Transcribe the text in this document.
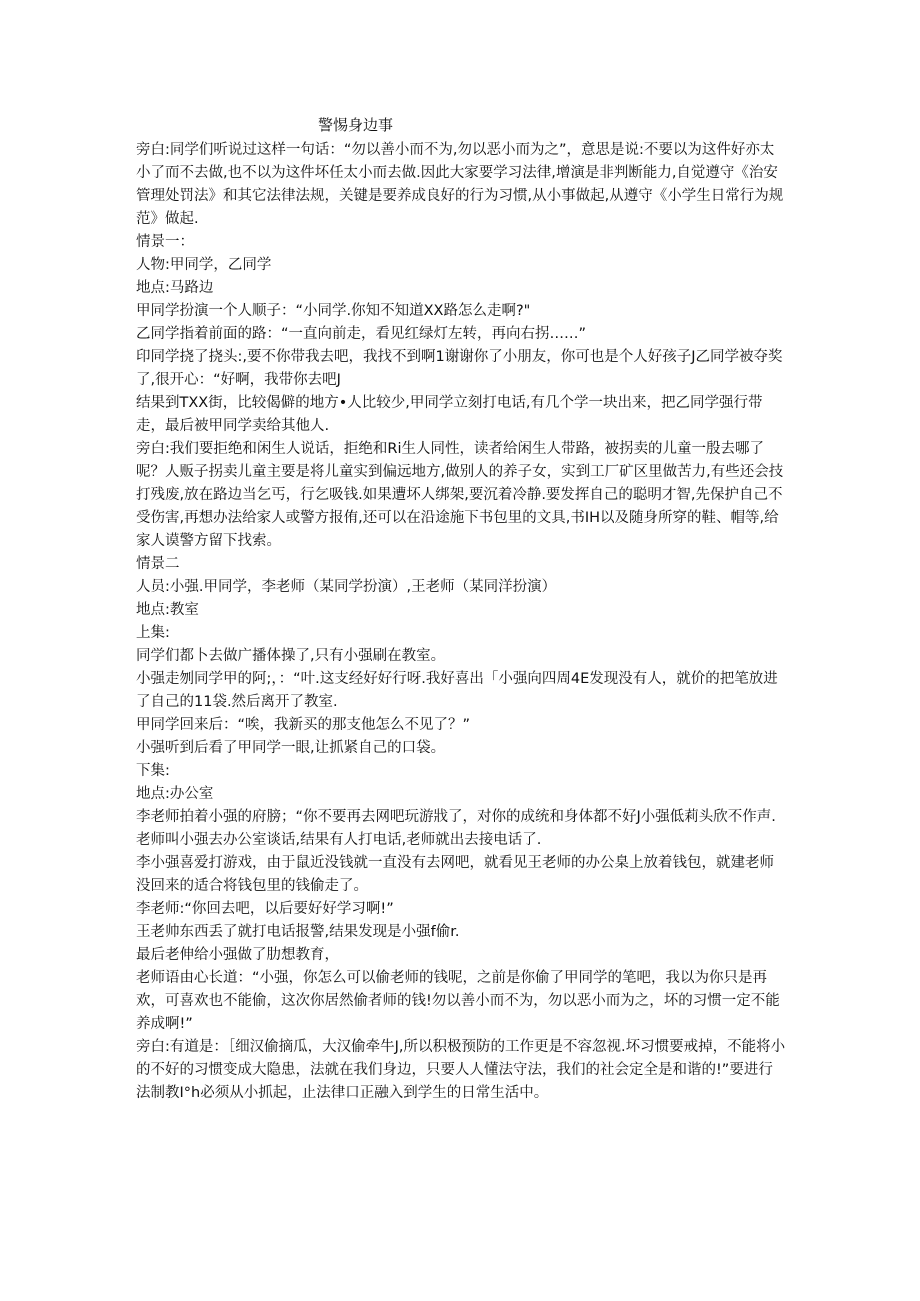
警惕身边事

旁白:同学们听说过这样一句话：“勿以善小而不为,勿以恶小而为之”，意思是说:不要以为这件好亦太小了而不去做,也不以为这件坏任太小而去做.因此大家要学习法律,增演是非判断能力,自觉遵守《治安管理处罚法》和其它法律法规，关键是要养成良好的行为习惯,从小事做起,从遵守《小学生日常行为规范》做起.

情景一：

人物:甲同学，乙同学

地点:马路边

甲同学扮演一个人顺子：“小同学.你知不知道XX路怎么走啊?"

乙同学指着前面的路：“一直向前走，看见红绿灯左转，再向右拐……”

印同学挠了挠头:,要不你带我去吧，我找不到啊1谢谢你了小朋友，你可也是个人好孩子J乙同学被夺奖了,很开心：“好啊，我带你去吧J

结果到TXX街，比较偈僻的地方•人比较少,甲同学立刻打电话,有几个学一块出来，把乙同学强行带走，最后被甲同学卖给其他人.

旁白:我们要拒绝和闲生人说话，拒绝和Ri生人同性，读者给闲生人带路，被拐卖的儿童一殷去哪了呢？人贩子拐卖儿童主要是将儿童实到偏远地方,做别人的养子女，实到工厂矿区里做苦力,有些还会技打残废,放在路边当乞丐，行乞吸钱.如果遭坏人绑架,要沉着冷静.要发挥自己的聪明才智,先保护自己不受伤害,再想办法给家人或警方报侑,还可以在沿途施下书包里的文具,书IH以及随身所穿的鞋、帽等,给家人谟警方留下找索。

情景二

人员:小强.甲同学，李老师（某同学扮演）,王老师（某同洋扮演）

地点:教室

上集:

同学们都卜去做广播体操了,只有小强刷在教室。

小强走刎同学甲的阿;，：“叶.这支经好好行呀.我好喜出「小强向四周4E发现没有人，就价的把笔放进了自己的11袋.然后离开了教室.

甲同学回来后：“唉，我新买的那支他怎么不见了？”

小强听到后看了甲同学一眼,让抓紧自己的口袋。

下集:

地点:办公室

李老师拍着小强的府膀；“你不要再去网吧玩游戕了，对你的成统和身体都不好J小强低莉头欣不作声.

老师叫小强去办公室谈话,结果有人打电话,老师就出去接电话了.

李小强喜爱打游戏，由于鼠近没钱就一直没有去网吧，就看见王老师的办公臬上放着钱包，就建老师没回来的适合将钱包里的钱偷走了。

李老师:“你回去吧，以后要好好学习啊!”

王老帅东西丢了就打电话报警,结果发现是小强f偷r.

最后老伸给小强做了肋想教育，

老师语由心长道：“小强，你怎么可以偷老师的钱呢，之前是你偷了甲同学的笔吧，我以为你只是再欢，可喜欢也不能偷，这次你居然偷者师的钱!勿以善小而不为，勿以恶小而为之，坏的习惯一定不能养成啊!”

旁白:有道是：［细汉偷摘瓜，大汉偷牵牛J,所以积极预防的工作更是不容忽视.坏习惯要戒掉，不能将小的不好的习惯变成大隐患，法就在我们身边，只要人人懂法守法，我们的社会定全是和谐的!”要进行法制教I°h必须从小抓起，止法律口正融入到学生的日常生活中。
